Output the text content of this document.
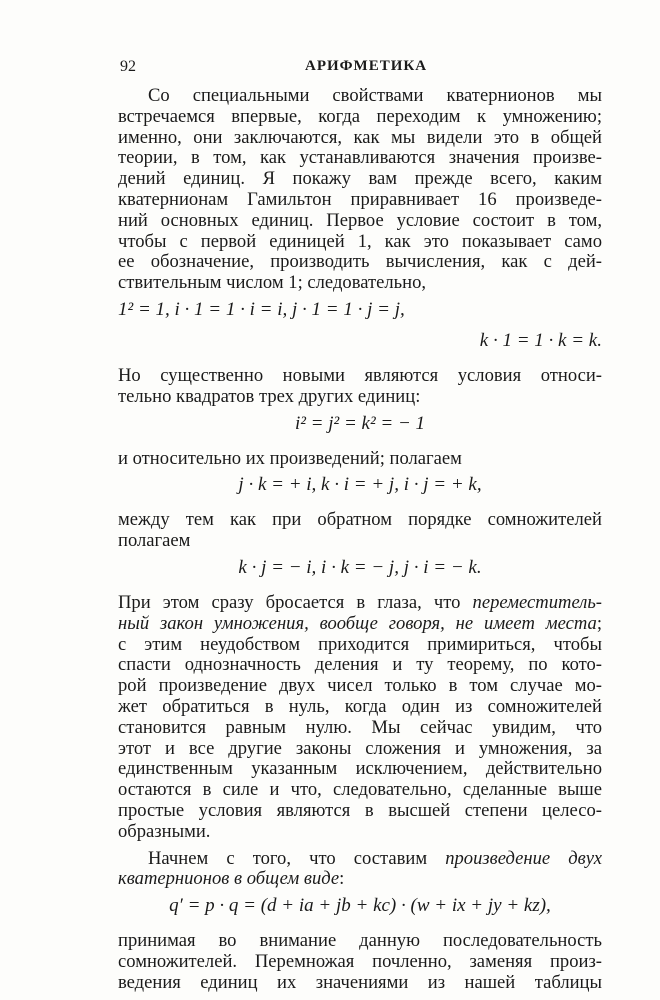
92	АРИФМЕТИКА
Со специальными свойствами кватернионов мы
встречаемся впервые, когда переходим к умножению;
именно, они заключаются, как мы видели это в общей
теории, в том, как устанавливаются значения произве-
дений единиц. Я покажу вам прежде всего, каким
кватернионам Гамильтон приравнивает 16 произведе-
ний основных единиц. Первое условие состоит в том,
чтобы с первой единицей 1, как это показывает само
ее обозначение, производить вычисления, как с дей-
ствительным числом 1; следовательно,
1² = 1, i · 1 = 1 · i = i, j · 1 = 1 · j = j,
k · 1 = 1 · k = k.
Но существенно новыми являются условия относи-
тельно квадратов трех других единиц:
i² = j² = k² = − 1
и относительно их произведений; полагаем
j · k = + i, k · i = + j, i · j = + k,
между тем как при обратном порядке сомножителей
полагаем
k · j = − i, i · k = − j, j · i = − k.
При этом сразу бросается в глаза, что переместитель-
ный закон умножения, вообще говоря, не имеет места;
с этим неудобством приходится примириться, чтобы
спасти однозначность деления и ту теорему, по кото-
рой произведение двух чисел только в том случае мо-
жет обратиться в нуль, когда один из сомножителей
становится равным нулю. Мы сейчас увидим, что
этот и все другие законы сложения и умножения, за
единственным указанным исключением, действительно
остаются в силе и что, следовательно, сделанные выше
простые условия являются в высшей степени целесо-
образными.
Начнем с того, что составим произведение двух
кватернионов в общем виде:
q′ = p · q = (d + ia + jb + kc) · (w + ix + jy + kz),
принимая во внимание данную последовательность
сомножителей. Перемножая почленно, заменяя произ-
ведения единиц их значениями из нашей таблицы
